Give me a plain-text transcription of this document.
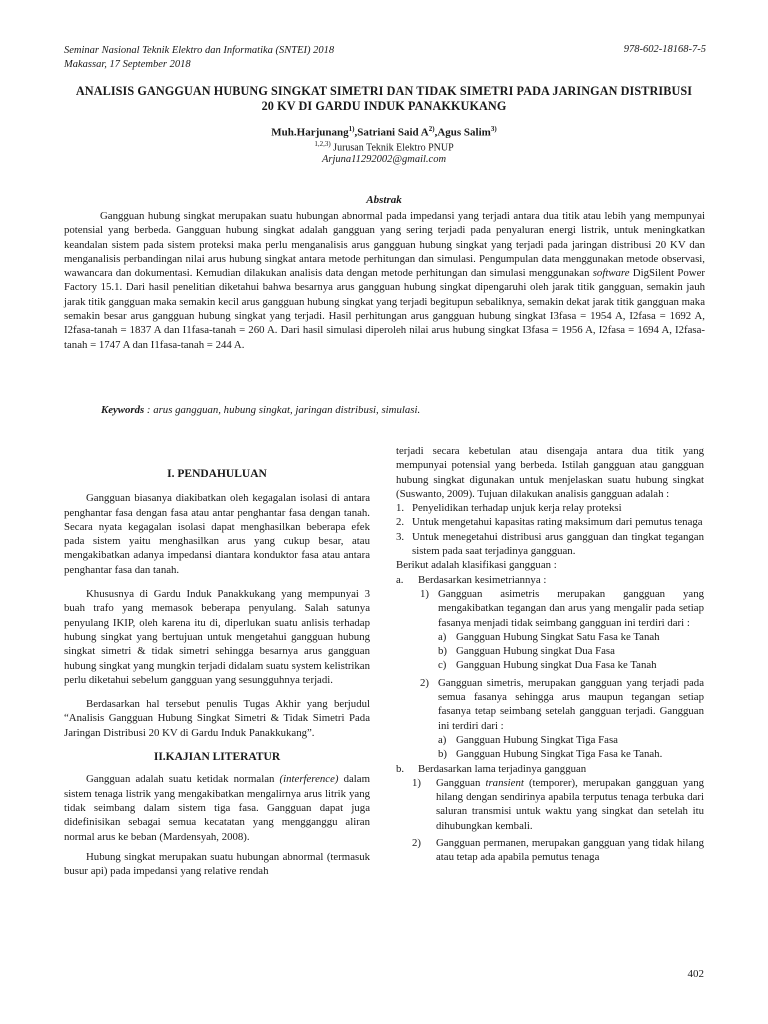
Seminar Nasional Teknik Elektro dan Informatika (SNTEI) 2018
Makassar, 17 September 2018
978-602-18168-7-5
ANALISIS GANGGUAN HUBUNG SINGKAT SIMETRI DAN TIDAK SIMETRI PADA JARINGAN DISTRIBUSI 20 KV DI GARDU INDUK PANAKKUKANG
Muh.Harjunang$^{1)}$,Satriani Said $A^{2)},Agus$ Salim$^{3)}$
$^{1,2,3)}$ Jurusan Teknik Elektro PNUP
Arjuna11292002@gmail.com
Abstrak
Gangguan hubung singkat merupakan suatu hubungan abnormal pada impedansi yang terjadi antara dua titik atau lebih yang mempunyai potensial yang berbeda. Gangguan hubung singkat adalah gangguan yang sering terjadi pada penyaluran energi listrik, untuk meningkatkan keandalan sistem pada sistem proteksi maka perlu menganalisis arus gangguan hubung singkat yang terjadi pada jaringan distribusi 20 KV dan menganalisis perbandingan nilai arus hubung singkat antara metode perhitungan dan simulasi. Pengumpulan data menggunakan metode observasi, wawancara dan dokumentasi. Kemudian dilakukan analisis data dengan metode perhitungan dan simulasi menggunakan software DigSilent Power Factory 15.1. Dari hasil penelitian diketahui bahwa besarnya arus gangguan hubung singkat dipengaruhi oleh jarak titik gangguan, semakin jauh jarak titik gangguan maka semakin kecil arus gangguan hubung singkat yang terjadi begitupun sebaliknya, semakin dekat jarak titik gangguan maka semakin besar arus gangguan hubung singkat yang terjadi. Hasil perhitungan arus gangguan hubung singkat I3fasa = 1954 A, I2fasa = 1692 A, I2fasa-tanah = 1837 A dan I1fasa-tanah = 260 A. Dari hasil simulasi diperoleh nilai arus hubung singkat I3fasa = 1956 A, I2fasa = 1694 A, I2fasa-tanah = 1747 A dan I1fasa-tanah = 244 A.
Keywords : arus gangguan, hubung singkat, jaringan distribusi, simulasi.
I. PENDAHULUAN

Gangguan biasanya diakibatkan oleh kegagalan isolasi di antara penghantar fasa dengan fasa atau antar penghantar fasa dengan tanah. Secara nyata kegagalan isolasi dapat menghasilkan beberapa efek pada sistem yaitu menghasilkan arus yang cukup besar, atau mengakibatkan adanya impedansi diantara konduktor fasa atau antara penghantar fasa dan tanah.

Khususnya di Gardu Induk Panakkukang yang mempunyai 3 buah trafo yang memasok beberapa penyulang. Salah satunya penyulang IKIP, oleh karena itu di, diperlukan suatu anlisis terhadap hubung singkat yang bertujuan untuk mengetahui gangguan hubung singkat simetri & tidak simetri sehingga besarnya arus gangguan hubung singkat yang mungkin terjadi didalam suatu system kelistrikan perlu diketahui sebelum gangguan yang sesungguhnya terjadi.

Berdasarkan hal tersebut penulis Tugas Akhir yang berjudul “Analisis Gangguan Hubung Singkat Simetri & Tidak Simetri Pada Jaringan Distribusi 20 KV di Gardu Induk Panakkukang”.

II.KAJIAN LITERATUR

Gangguan adalah suatu ketidak normalan (interference) dalam sistem tenaga listrik yang mengakibatkan mengalirnya arus litrik yang tidak seimbang dalam sistem tiga fasa. Gangguan dapat juga didefinisikan sebagai semua kecatatan yang mengganggu aliran normal arus ke beban (Mardensyah, 2008).

Hubung singkat merupakan suatu hubungan abnormal (termasuk busur api) pada impedansi yang relative rendah

terjadi secara kebetulan atau disengaja antara dua titik yang mempunyai potensial yang berbeda. Istilah gangguan atau gangguan hubung singkat digunakan untuk menjelaskan suatu hubung singkat (Suswanto, 2009). Tujuan dilakukan analisis gangguan adalah :

1. Penyelidikan terhadap unjuk kerja relay proteksi
2. Untuk mengetahui kapasitas rating maksimum dari pemutus tenaga
3. Untuk menegetahui distribusi arus gangguan dan tingkat tegangan sistem pada saat terjadinya gangguan.

Berikut adalah klasifikasi gangguan :

a. Berdasarkan kesimetriannya :
1) Gangguan asimetris merupakan gangguan yang mengakibatkan tegangan dan arus yang mengalir pada setiap fasanya menjadi tidak seimbang gangguan ini terdiri dari :
a) Gangguan Hubung Singkat Satu Fasa ke Tanah
b) Gangguan Hubung singkat Dua Fasa
c) Gangguan Hubung singkat Dua Fasa ke Tanah
2) Gangguan simetris, merupakan gangguan yang terjadi pada semua fasanya sehingga arus maupun tegangan setiap fasanya tetap seimbang setelah gangguan terjadi. Gangguan ini terdiri dari :
a) Gangguan Hubung Singkat Tiga Fasa
b) Gangguan Hubung Singkat Tiga Fasa ke Tanah.
b. Berdasarkan lama terjadinya gangguan
1) Gangguan transient (temporer), merupakan gangguan yang hilang dengan sendirinya apabila terputus tenaga terbuka dari saluran transmisi untuk waktu yang singkat dan setelah itu dihubungkan kembali.
2) Gangguan permanen, merupakan gangguan yang tidak hilang atau tetap ada apabila pemutus tenaga
402
